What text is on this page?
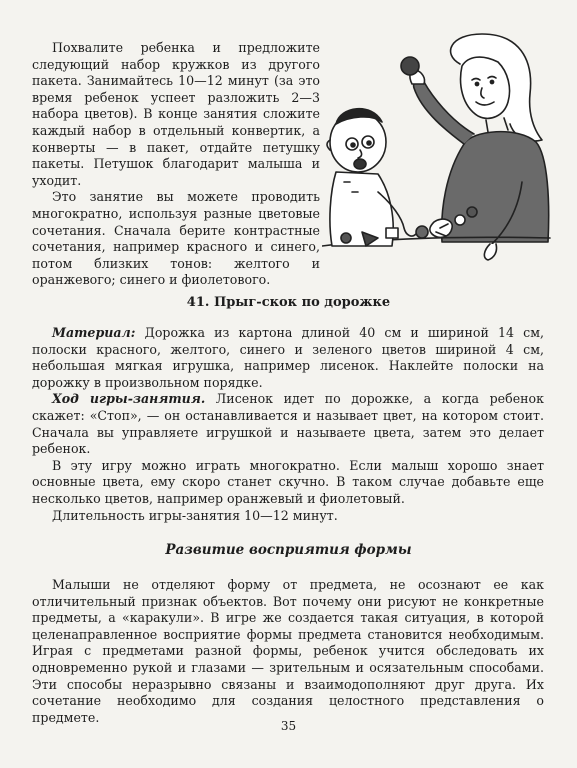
Похвалите ребенка и предложите следующий набор кружков из другого пакета. Занимайтесь 10—12 минут (за это время ребенок успеет разложить 2—3 набора цветов). В конце занятия сложите каждый набор в отдельный конвертик, а конверты — в пакет, отдайте петушку пакеты. Петушок благодарит малыша и уходит.

Это занятие вы можете проводить многократно, используя разные цветовые сочетания. Сначала берите контрастные сочетания, например красного и синего, потом близких тонов: желтого и оранжевого; синего и фиолетового.

41. Прыг-скок по дорожке

Материал: Дорожка из картона длиной 40 см и шириной 14 см, полоски красного, желтого, синего и зеленого цветов шириной 4 см, небольшая мягкая игрушка, например лисенок. Наклейте полоски на дорожку в произвольном порядке.

Ход игры-занятия. Лисенок идет по дорожке, а когда ребенок скажет: «Стоп», — он останавливается и называет цвет, на котором стоит. Сначала вы управляете игрушкой и называете цвета, затем это делает ребенок.

В эту игру можно играть многократно. Если малыш хорошо знает основные цвета, ему скоро станет скучно. В таком случае добавьте еще несколько цветов, например оранжевый и фиолетовый.

Длительность игры-занятия 10—12 минут.

Развитие восприятия формы

Малыши не отделяют форму от предмета, не осознают ее как отличительный признак объектов. Вот почему они рисуют не конкретные предметы, а «каракули». В игре же создается такая ситуация, в которой целенаправленное восприятие формы предмета становится необходимым. Играя с предметами разной формы, ребенок учится обследовать их одновременно рукой и глазами — зрительным и осязательным способами. Эти способы неразрывно связаны и взаимодополняют друг друга. Их сочетание необходимо для создания целостного представления о предмете.

35
